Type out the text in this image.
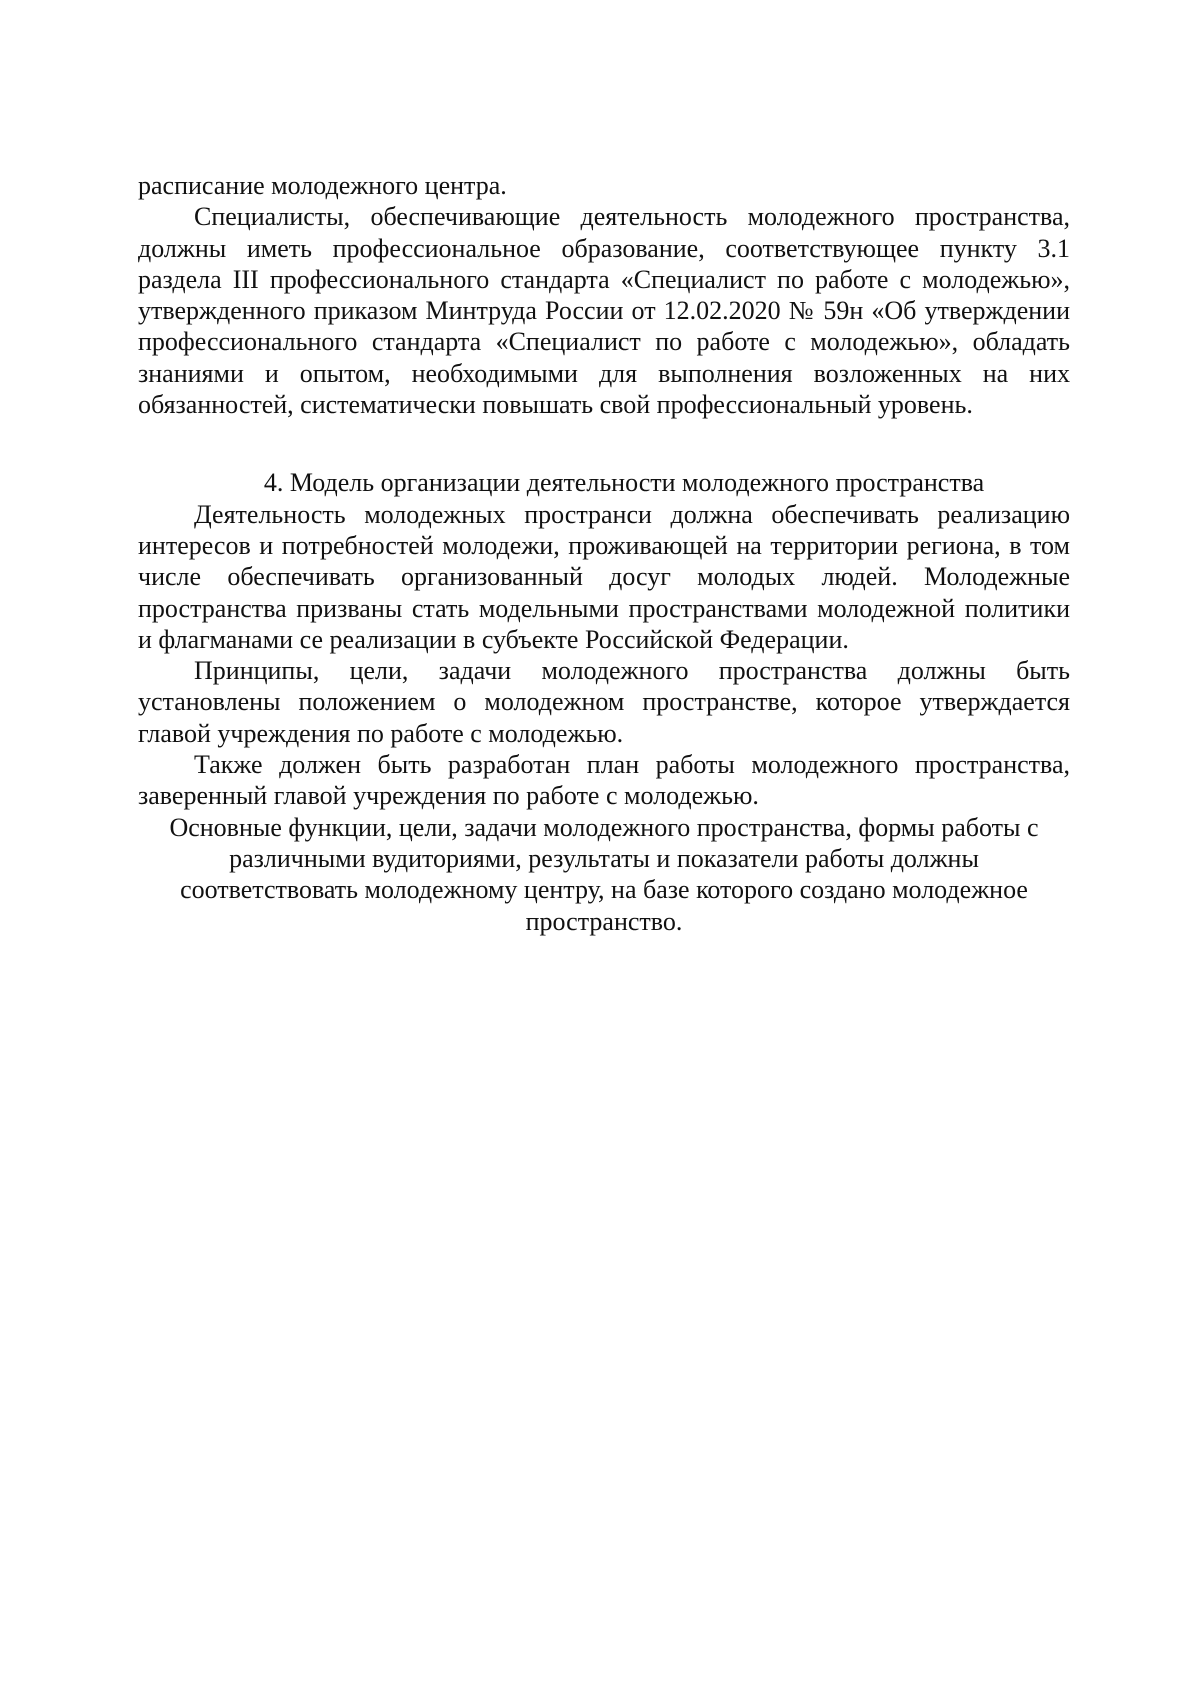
расписание молодежного центра.

Специалисты, обеспечивающие деятельность молодежного пространства, должны иметь профессиональное образование, соответствующее пункту 3.1 раздела III профессионального стандарта «Специалист по работе с молодежью», утвержденного приказом Минтруда России от 12.02.2020 № 59н «Об утверждении профессионального стандарта «Специалист по работе с молодежью», обладать знаниями и опытом, необходимыми для выполнения возложенных на них обязанностей, систематически повышать свой профессиональный уровень.

4. Модель организации деятельности молодежного пространства

Деятельность молодежных пространси должна обеспечивать реализацию интересов и потребностей молодежи, проживающей на территории региона, в том числе обеспечивать организованный досуг молодых людей. Молодежные пространства призваны стать модельными пространствами молодежной политики и флагманами се реализации в субъекте Российской Федерации.

Принципы, цели, задачи молодежного пространства должны быть установлены положением о молодежном пространстве, которое утверждается главой учреждения по работе с молодежью.

Также должен быть разработан план работы молодежного пространства, заверенный главой учреждения по работе с молодежью.

Основные функции, цели, задачи молодежного пространства, формы работы с различными вудиториями, результаты и показатели работы должны соответствовать молодежному центру, на базе которого создано молодежное пространство.
